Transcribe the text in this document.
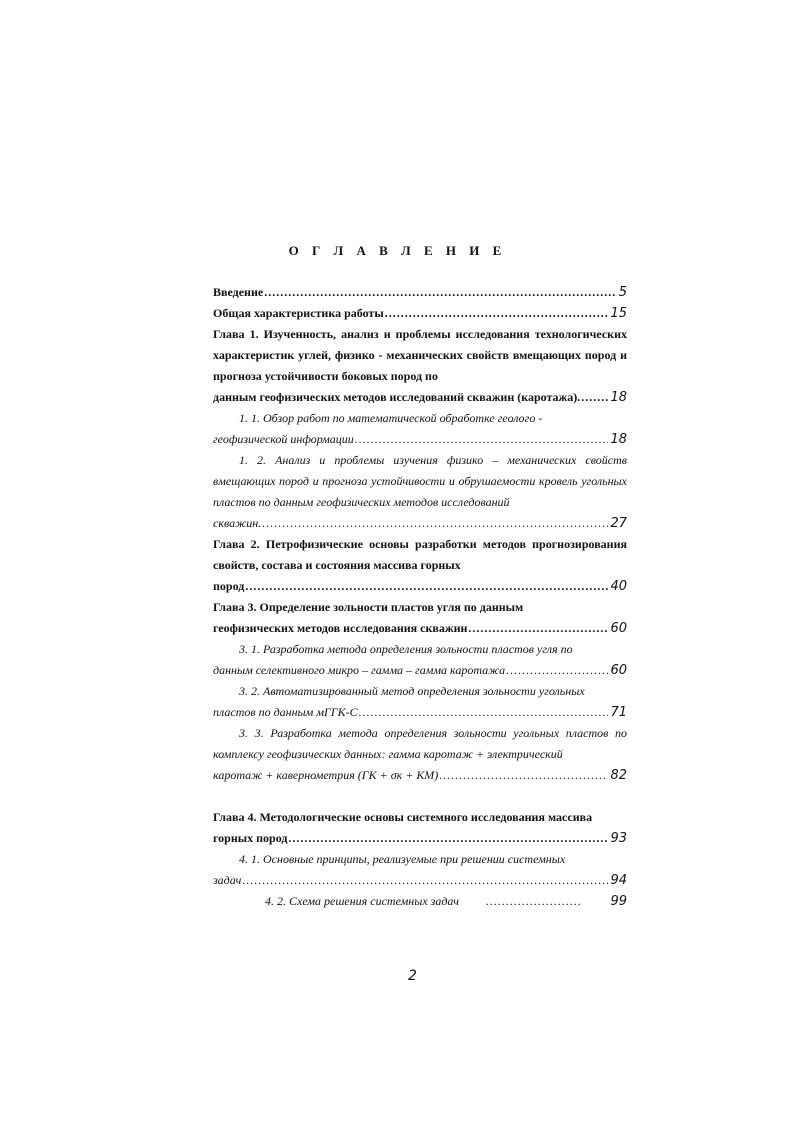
О Г Л А В Л Е Н И Е
Введение .....	5
Общая характеристика работы .....	15
Глава 1. Изученность, анализ и проблемы исследования технологических характеристик углей, физико - механических свойств вмещающих пород и прогноза устойчивости боковых пород по
данным геофизических методов исследований скважин (каротажа). ..... 18
1. 1. Обзор работ по математической обработке геолого -
геофизической информации .....	18
1. 2. Анализ и проблемы изучения физико – механических свойств вмещающих пород и прогноза устойчивости и обрушаемости кровель угольных пластов по данным геофизических методов исследований
скважин. .....	27
Глава 2. Петрофизические основы разработки методов прогнозирования свойств, состава и состояния массива горных
пород .....	40
Глава 3. Определение зольности пластов угля по данным
геофизических методов исследования скважин .....	60
3. 1. Разработка метода определения зольности пластов угля по
данным селективного микро – гамма – гамма каротажа .....	60
3. 2. Автоматизированный метод определения зольности угольных
пластов по данным мГГК-С .....	71
3. 3. Разработка метода определения зольности угольных пластов по комплексу геофизических данных: гамма каротаж + электрический
каротаж + кавернометрия (ГК + σк + КМ) .....	82
Глава 4. Методологические основы системного исследования массива
горных пород .....	93
4. 1. Основные принципы, реализуемые при решении системных
задач .....	94
4. 2. Схема решения системных задач .....	99
2
